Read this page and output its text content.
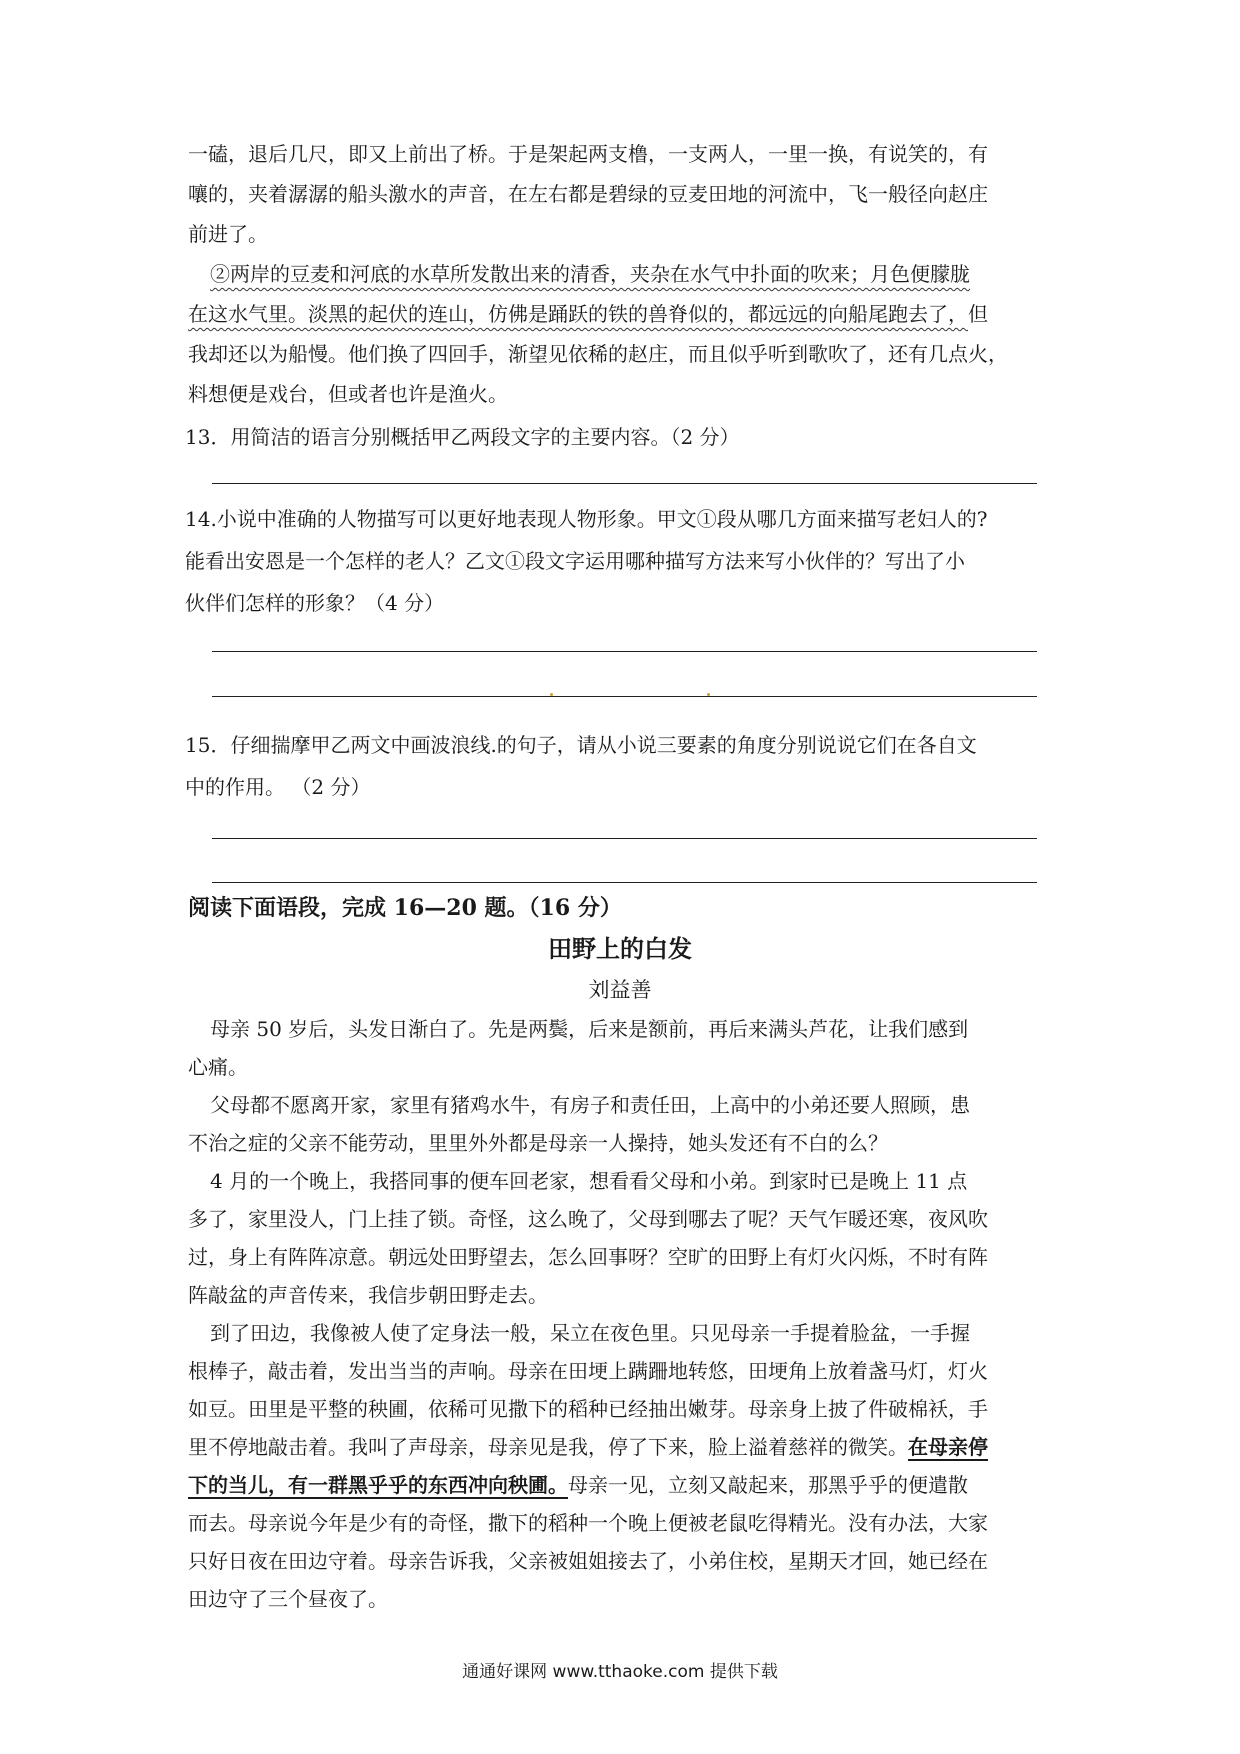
一磕，退后几尺，即又上前出了桥。于是架起两支橹，一支两人，一里一换，有说笑的，有
嚷的，夹着潺潺的船头激水的声音，在左右都是碧绿的豆麦田地的河流中，飞一般径向赵庄
前进了。
②两岸的豆麦和河底的水草所发散出来的清香，夹杂在水气中扑面的吹来；月色便朦胧
在这水气里。淡黑的起伏的连山，仿佛是踊跃的铁的兽脊似的，都远远的向船尾跑去了，但
我却还以为船慢。他们换了四回手，渐望见依稀的赵庄，而且似乎听到歌吹了，还有几点火，
料想便是戏台，但或者也许是渔火。
13．用简洁的语言分别概括甲乙两段文字的主要内容。（2 分）
14.小说中准确的人物描写可以更好地表现人物形象。甲文①段从哪几方面来描写老妇人的?
能看出安恩是一个怎样的老人？乙文①段文字运用哪种描写方法来写小伙伴的？写出了小
伙伴们怎样的形象？（4 分）
15．仔细揣摩甲乙两文中画波浪线.的句子，请从小说三要素的角度分别说说它们在各自文
中的作用。 （2 分）
阅读下面语段，完成 16—20 题。（16 分）
田野上的白发
刘益善
母亲 50 岁后，头发日渐白了。先是两鬓，后来是额前，再后来满头芦花，让我们感到
心痛。
父母都不愿离开家，家里有猪鸡水牛，有房子和责任田，上高中的小弟还要人照顾，患
不治之症的父亲不能劳动，里里外外都是母亲一人操持，她头发还有不白的么？
4 月的一个晚上，我搭同事的便车回老家，想看看父母和小弟。到家时已是晚上 11 点
多了，家里没人，门上挂了锁。奇怪，这么晚了，父母到哪去了呢？天气乍暖还寒，夜风吹
过，身上有阵阵凉意。朝远处田野望去，怎么回事呀？空旷的田野上有灯火闪烁，不时有阵
阵敲盆的声音传来，我信步朝田野走去。
到了田边，我像被人使了定身法一般，呆立在夜色里。只见母亲一手提着脸盆，一手握
根棒子，敲击着，发出当当的声响。母亲在田埂上蹒跚地转悠，田埂角上放着盏马灯，灯火
如豆。田里是平整的秧圃，依稀可见撒下的稻种已经抽出嫩芽。母亲身上披了件破棉袄，手
里不停地敲击着。我叫了声母亲，母亲见是我，停了下来，脸上溢着慈祥的微笑。在母亲停
下的当儿，有一群黑乎乎的东西冲向秧圃。母亲一见，立刻又敲起来，那黑乎乎的便遣散
而去。母亲说今年是少有的奇怪，撒下的稻种一个晚上便被老鼠吃得精光。没有办法，大家
只好日夜在田边守着。母亲告诉我，父亲被姐姐接去了，小弟住校，星期天才回，她已经在
田边守了三个昼夜了。
通通好课网 www.tthaoke.com 提供下载
